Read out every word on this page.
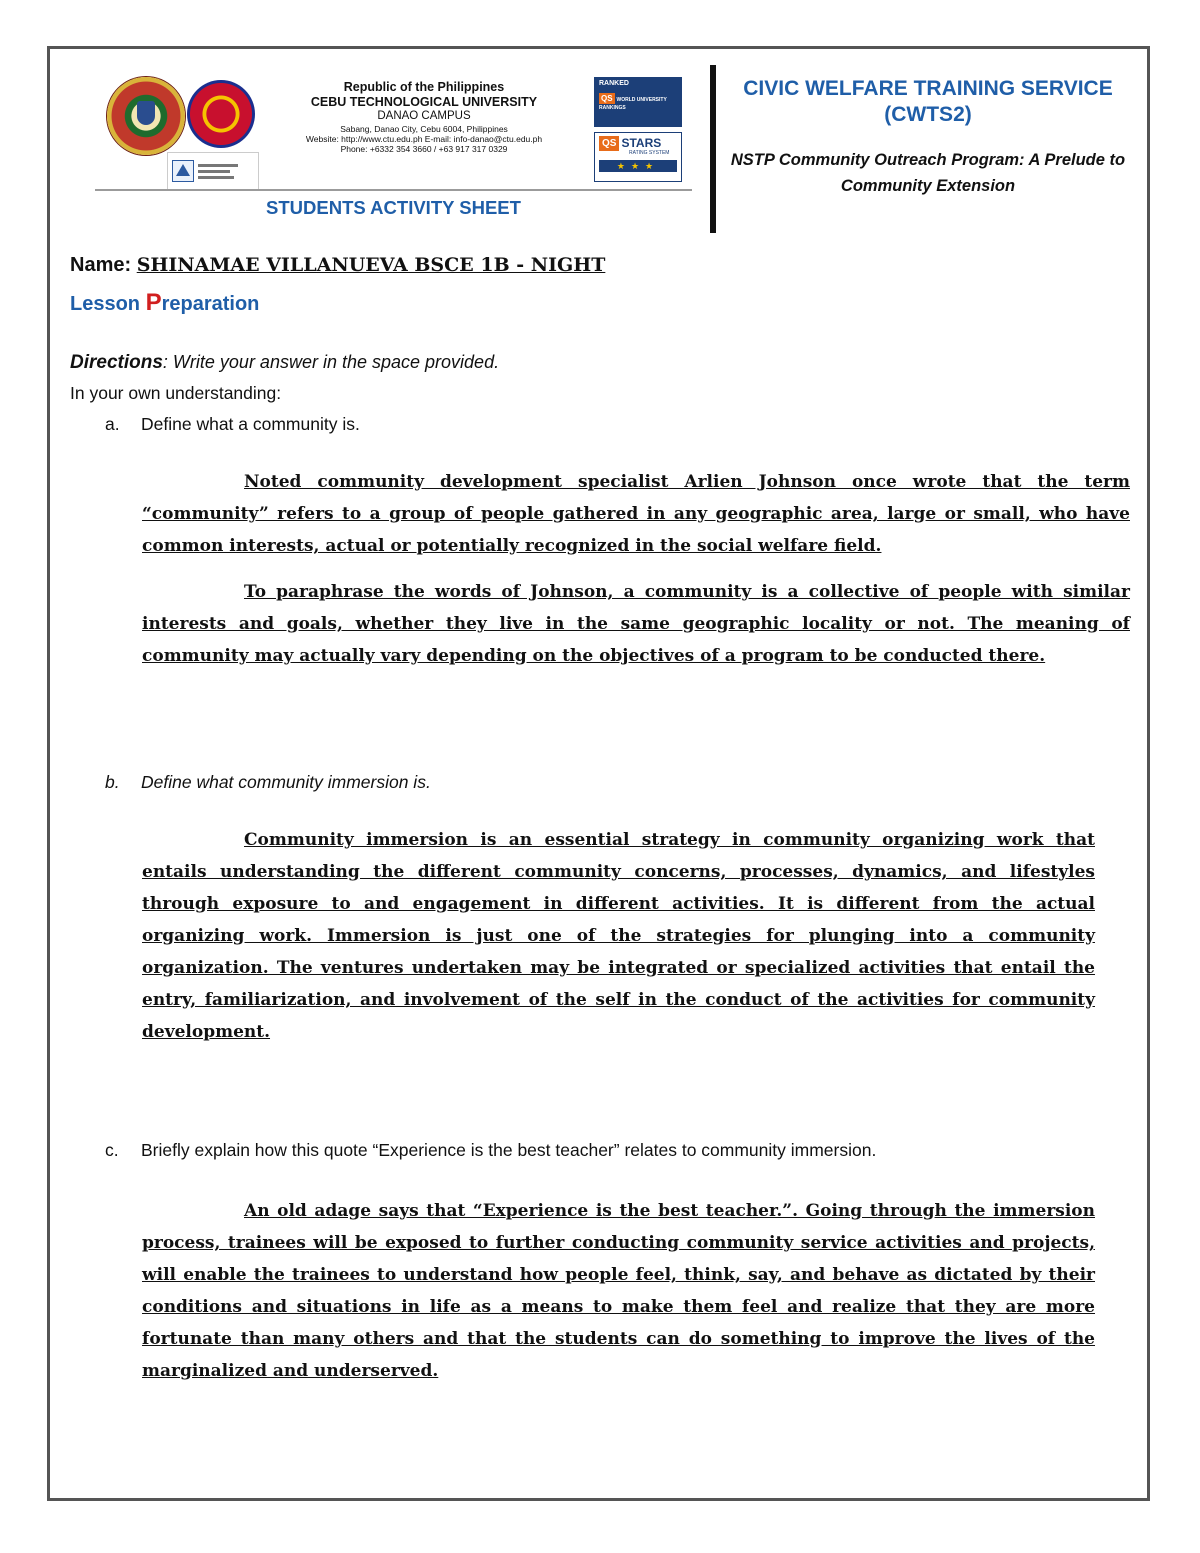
Republic of the Philippines
CEBU TECHNOLOGICAL UNIVERSITY
DANAO CAMPUS
Sabang, Danao City, Cebu 6004, Philippines
Website: http://www.ctu.edu.ph E-mail: info-danao@ctu.edu.ph
Phone: +6332 354 3660 / +63 917 317 0329
RANKED
QS WORLD UNIVERSITY RANKINGS
QS STARS
RATING SYSTEM
★★★
STUDENTS ACTIVITY SHEET
CIVIC WELFARE TRAINING SERVICE (CWTS2)
NSTP Community Outreach Program: A Prelude to Community Extension
Name: SHINAMAE VILLANUEVA BSCE 1B - NIGHT
Lesson Preparation
Directions: Write your answer in the space provided.
In your own understanding:
a. Define what a community is.

Noted community development specialist Arlien Johnson once wrote that the term “community” refers to a group of people gathered in any geographic area, large or small, who have common interests, actual or potentially recognized in the social welfare field.

To paraphrase the words of Johnson, a community is a collective of people with similar interests and goals, whether they live in the same geographic locality or not. The meaning of community may actually vary depending on the objectives of a program to be conducted there.

b. Define what community immersion is.

Community immersion is an essential strategy in community organizing work that entails understanding the different community concerns, processes, dynamics, and lifestyles through exposure to and engagement in different activities. It is different from the actual organizing work. Immersion is just one of the strategies for plunging into a community organization. The ventures undertaken may be integrated or specialized activities that entail the entry, familiarization, and involvement of the self in the conduct of the activities for community development.

c. Briefly explain how this quote “Experience is the best teacher” relates to community immersion.

An old adage says that “Experience is the best teacher.”. Going through the immersion process, trainees will be exposed to further conducting community service activities and projects, will enable the trainees to understand how people feel, think, say, and behave as dictated by their conditions and situations in life as a means to make them feel and realize that they are more fortunate than many others and that the students can do something to improve the lives of the marginalized and underserved.
